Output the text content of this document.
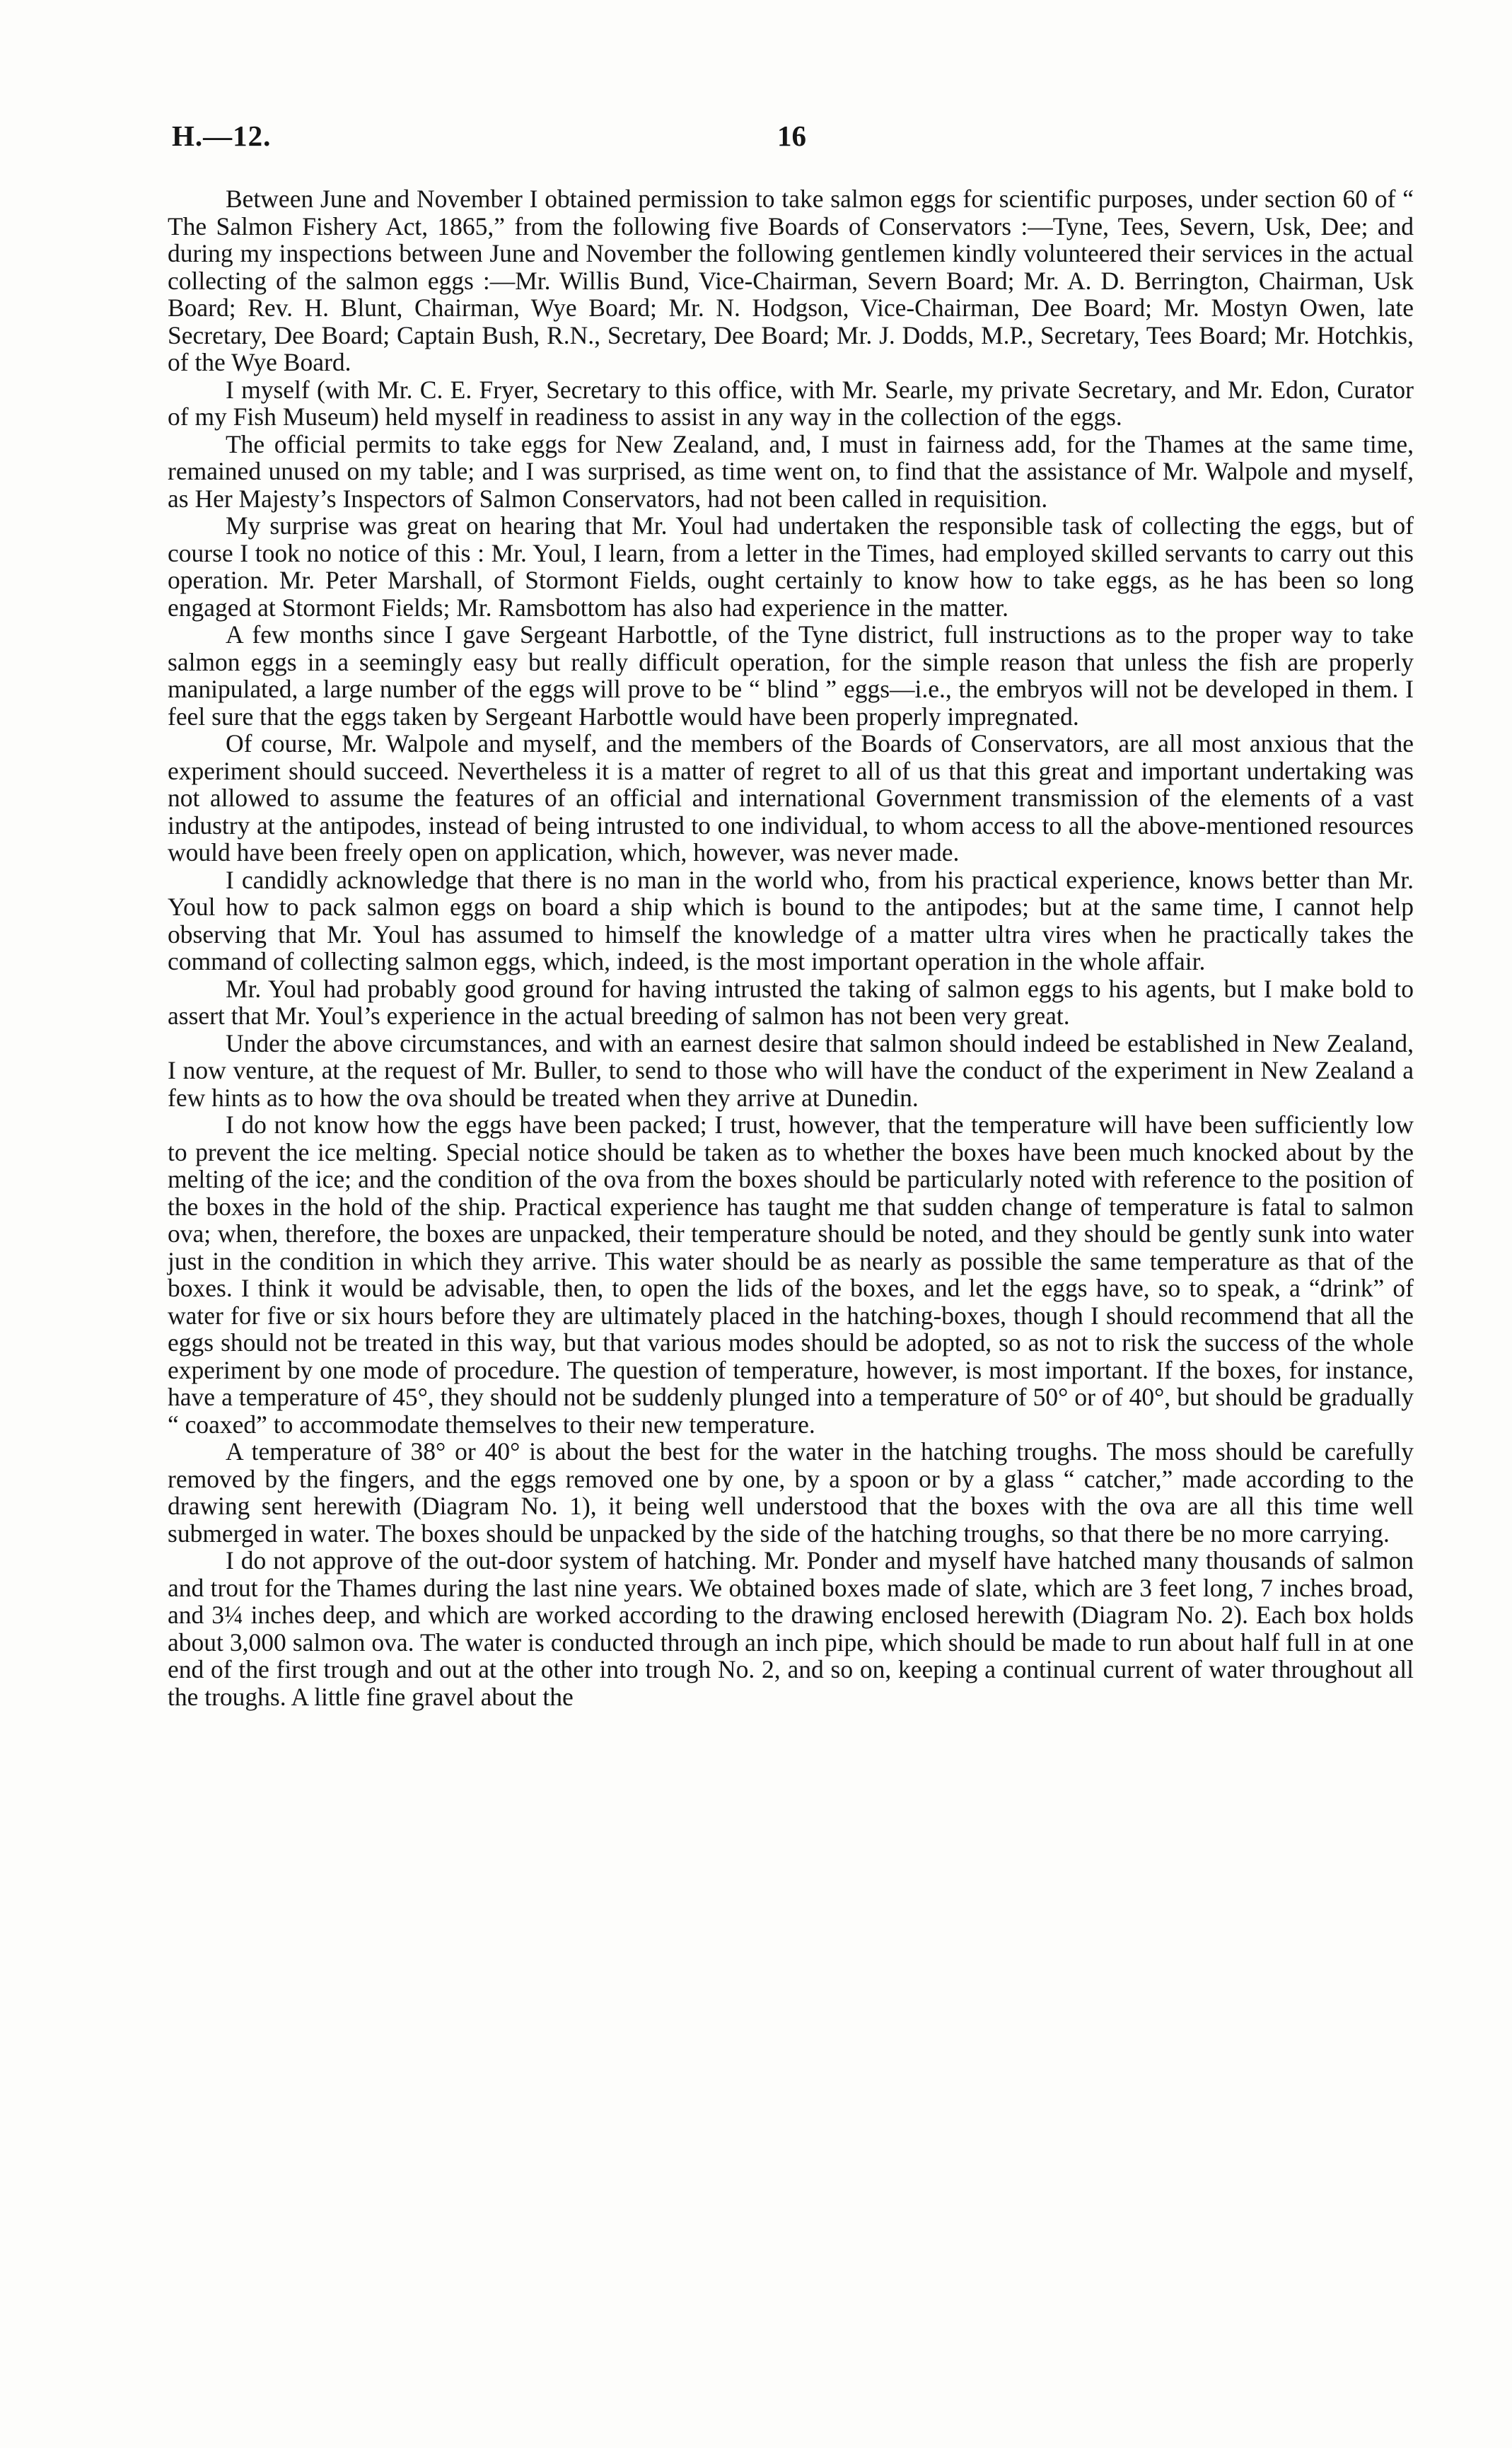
H.—12.	16

Between June and November I obtained permission to take salmon eggs for scientific purposes, under section 60 of “ The Salmon Fishery Act, 1865,” from the following five Boards of Conservators :—Tyne, Tees, Severn, Usk, Dee; and during my inspections between June and November the following gentlemen kindly volunteered their services in the actual collecting of the salmon eggs :—Mr. Willis Bund, Vice-Chairman, Severn Board; Mr. A. D. Berrington, Chairman, Usk Board; Rev. H. Blunt, Chairman, Wye Board; Mr. N. Hodgson, Vice-Chairman, Dee Board; Mr. Mostyn Owen, late Secretary, Dee Board; Captain Bush, R.N., Secretary, Dee Board; Mr. J. Dodds, M.P., Secretary, Tees Board; Mr. Hotchkis, of the Wye Board.

I myself (with Mr. C. E. Fryer, Secretary to this office, with Mr. Searle, my private Secretary, and Mr. Edon, Curator of my Fish Museum) held myself in readiness to assist in any way in the collection of the eggs.

The official permits to take eggs for New Zealand, and, I must in fairness add, for the Thames at the same time, remained unused on my table; and I was surprised, as time went on, to find that the assistance of Mr. Walpole and myself, as Her Majesty’s Inspectors of Salmon Conservators, had not been called in requisition.

My surprise was great on hearing that Mr. Youl had undertaken the responsible task of collecting the eggs, but of course I took no notice of this : Mr. Youl, I learn, from a letter in the Times, had employed skilled servants to carry out this operation. Mr. Peter Marshall, of Stormont Fields, ought certainly to know how to take eggs, as he has been so long engaged at Stormont Fields; Mr. Ramsbottom has also had experience in the matter.

A few months since I gave Sergeant Harbottle, of the Tyne district, full instructions as to the proper way to take salmon eggs in a seemingly easy but really difficult operation, for the simple reason that unless the fish are properly manipulated, a large number of the eggs will prove to be “ blind ” eggs—i.e., the embryos will not be developed in them. I feel sure that the eggs taken by Sergeant Harbottle would have been properly impregnated.

Of course, Mr. Walpole and myself, and the members of the Boards of Conservators, are all most anxious that the experiment should succeed. Nevertheless it is a matter of regret to all of us that this great and important undertaking was not allowed to assume the features of an official and international Government transmission of the elements of a vast industry at the antipodes, instead of being intrusted to one individual, to whom access to all the above-mentioned resources would have been freely open on application, which, however, was never made.

I candidly acknowledge that there is no man in the world who, from his practical experience, knows better than Mr. Youl how to pack salmon eggs on board a ship which is bound to the antipodes; but at the same time, I cannot help observing that Mr. Youl has assumed to himself the knowledge of a matter ultra vires when he practically takes the command of collecting salmon eggs, which, indeed, is the most important operation in the whole affair.

Mr. Youl had probably good ground for having intrusted the taking of salmon eggs to his agents, but I make bold to assert that Mr. Youl’s experience in the actual breeding of salmon has not been very great.

Under the above circumstances, and with an earnest desire that salmon should indeed be established in New Zealand, I now venture, at the request of Mr. Buller, to send to those who will have the conduct of the experiment in New Zealand a few hints as to how the ova should be treated when they arrive at Dunedin.

I do not know how the eggs have been packed; I trust, however, that the temperature will have been sufficiently low to prevent the ice melting. Special notice should be taken as to whether the boxes have been much knocked about by the melting of the ice; and the condition of the ova from the boxes should be particularly noted with reference to the position of the boxes in the hold of the ship. Practical experience has taught me that sudden change of temperature is fatal to salmon ova; when, therefore, the boxes are unpacked, their temperature should be noted, and they should be gently sunk into water just in the condition in which they arrive. This water should be as nearly as possible the same temperature as that of the boxes. I think it would be advisable, then, to open the lids of the boxes, and let the eggs have, so to speak, a “drink” of water for five or six hours before they are ultimately placed in the hatching-boxes, though I should recommend that all the eggs should not be treated in this way, but that various modes should be adopted, so as not to risk the success of the whole experiment by one mode of procedure. The question of temperature, however, is most important. If the boxes, for instance, have a temperature of 45°, they should not be suddenly plunged into a temperature of 50° or of 40°, but should be gradually “ coaxed” to accommodate themselves to their new temperature.

A temperature of 38° or 40° is about the best for the water in the hatching troughs. The moss should be carefully removed by the fingers, and the eggs removed one by one, by a spoon or by a glass “ catcher,” made according to the drawing sent herewith (Diagram No. 1), it being well understood that the boxes with the ova are all this time well submerged in water. The boxes should be unpacked by the side of the hatching troughs, so that there be no more carrying.

I do not approve of the out-door system of hatching. Mr. Ponder and myself have hatched many thousands of salmon and trout for the Thames during the last nine years. We obtained boxes made of slate, which are 3 feet long, 7 inches broad, and 3¼ inches deep, and which are worked according to the drawing enclosed herewith (Diagram No. 2). Each box holds about 3,000 salmon ova. The water is conducted through an inch pipe, which should be made to run about half full in at one end of the first trough and out at the other into trough No. 2, and so on, keeping a continual current of water throughout all the troughs. A little fine gravel about the
